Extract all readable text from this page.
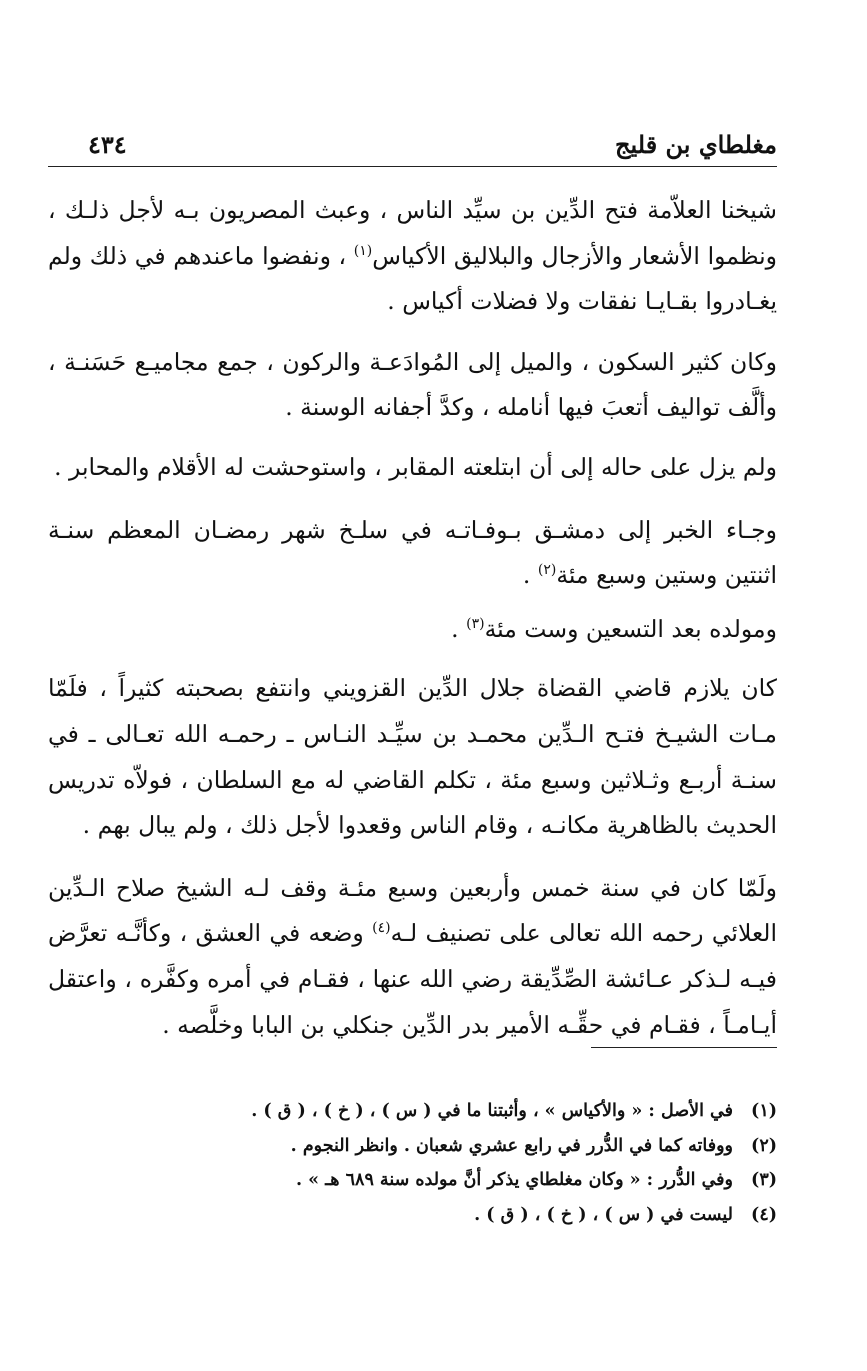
مغلطاي بن قليج
٤٣٤

شيخنا العلاّمة فتح الدِّين بن سيِّد الناس ، وعبث المصريون بـه لأجل ذلـك ، ونظموا الأشعار والأزجال والبلاليق الأكياس$^{(١)}$ ، ونفضوا ماعندهم في ذلك ولم يغـادروا بقـايـا نفقات ولا فضلات أكياس .

وكان كثير السكون ، والميل إلى المُوادَعـة والركون ، جمع مجاميـع حَسَنـة ، وألَّف تواليف أتعبَ فيها أنامله ، وكدَّ أجفانه الوسنة .

ولم يزل على حاله إلى أن ابتلعته المقابر ، واستوحشت له الأقلام والمحابر .

وجـاء الخبر إلى دمشـق بـوفـاتـه في سلـخ شهر رمضـان المعظم سنـة اثنتين وستين وسبع مئة$^{(٢)}$ .

ومولده بعد التسعين وست مئة$^{(٣)}$ .

كان يلازم قاضي القضاة جلال الدِّين القزويني وانتفع بصحبته كثيراً ، فلَمّا مـات الشيـخ فتـح الـدِّين محمـد بن سيِّـد النـاس ـ رحمـه الله تعـالى ـ في سنـة أربـع وثـلاثين وسبع مئة ، تكلم القاضي له مع السلطان ، فولاّه تدريس الحديث بالظاهرية مكانـه ، وقام الناس وقعدوا لأجل ذلك ، ولم يبال بهم .

ولَمّا كان في سنة خمس وأربعين وسبع مئـة وقف لـه الشيخ صلاح الـدِّين العلائي رحمه الله تعالى على تصنيف لـه$^{(٤)}$ وضعه في العشق ، وكأنَّـه تعرَّض فيـه لـذكر عـائشة الصِّدِّيقة رضي الله عنها ، فقـام في أمره وكفَّره ، واعتقل أيـامـاً ، فقـام في حقِّـه الأمير بدر الدِّين جنكلي بن البابا وخلَّصه .

(١)في الأصل : « والأكياس » ، وأثبتنا ما في ( س ) ، ( خ ) ، ( ق ) .
(٢)ووفاته كما في الدُّرر في رابع عشري شعبان . وانظر النجوم .
(٣)وفي الدُّرر : « وكان مغلطاي يذكر أنَّ مولده سنة ٦٨٩ هـ » .
(٤)ليست في ( س ) ، ( خ ) ، ( ق ) .
